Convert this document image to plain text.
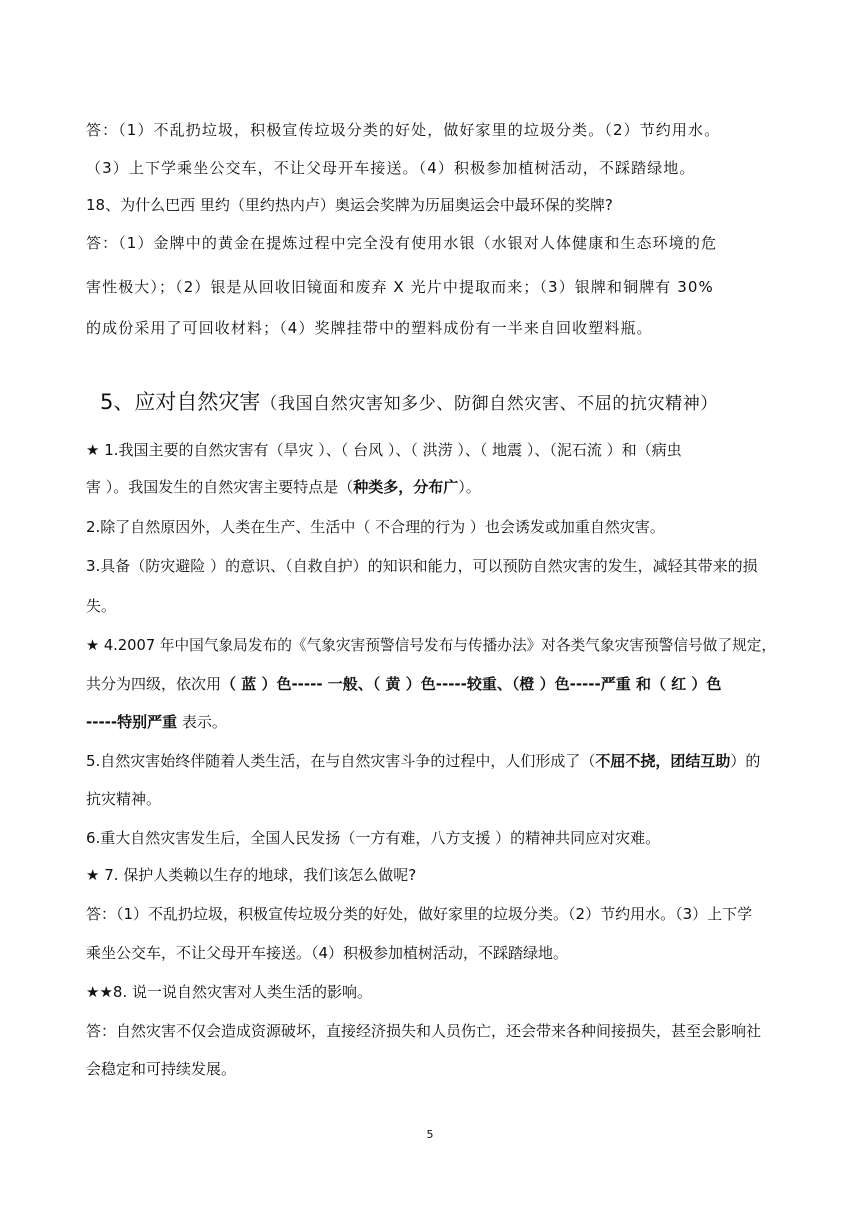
答：（1）不乱扔垃圾，积极宣传垃圾分类的好处，做好家里的垃圾分类。（2）节约用水。
（3）上下学乘坐公交车，不让父母开车接送。（4）积极参加植树活动，不踩踏绿地。
18、为什么巴西 里约（里约热内卢）奥运会奖牌为历届奥运会中最环保的奖牌?
答：（1）金牌中的黄金在提炼过程中完全没有使用水银（水银对人体健康和生态环境的危
害性极大）；（2）银是从回收旧镜面和废弃 X 光片中提取而来；（3）银牌和铜牌有 30%
的成份采用了可回收材料；（4）奖牌挂带中的塑料成份有一半来自回收塑料瓶。
5、应对自然灾害（我国自然灾害知多少、防御自然灾害、不屈的抗灾精神）
★ 1.我国主要的自然灾害有（旱灾 ）、（ 台风 ）、（ 洪涝 ）、（ 地震 ）、（泥石流 ）和（病虫
害 ）。我国发生的自然灾害主要特点是（种类多，分布广）。
2.除了自然原因外，人类在生产、生活中（ 不合理的行为 ）也会诱发或加重自然灾害。
3.具备（防灾避险 ）的意识、（自救自护）的知识和能力，可以预防自然灾害的发生，减轻其带来的损
失。
★ 4.2007 年中国气象局发布的《气象灾害预警信号发布与传播办法》对各类气象灾害预警信号做了规定，
共分为四级，依次用（ 蓝 ）色----- 一般、（ 黄 ）色-----较重、（橙 ）色-----严重 和（ 红 ）色
-----特别严重 表示。
5.自然灾害始终伴随着人类生活，在与自然灾害斗争的过程中，人们形成了（不屈不挠，团结互助）的
抗灾精神。
6.重大自然灾害发生后，全国人民发扬（一方有难，八方支援 ）的精神共同应对灾难。
★ 7. 保护人类赖以生存的地球，我们该怎么做呢?
答：（1）不乱扔垃圾，积极宣传垃圾分类的好处，做好家里的垃圾分类。（2）节约用水。（3）上下学
乘坐公交车，不让父母开车接送。（4）积极参加植树活动，不踩踏绿地。
★★8. 说一说自然灾害对人类生活的影响。
答：自然灾害不仅会造成资源破坏，直接经济损失和人员伤亡，还会带来各种间接损失，甚至会影响社
会稳定和可持续发展。
5
